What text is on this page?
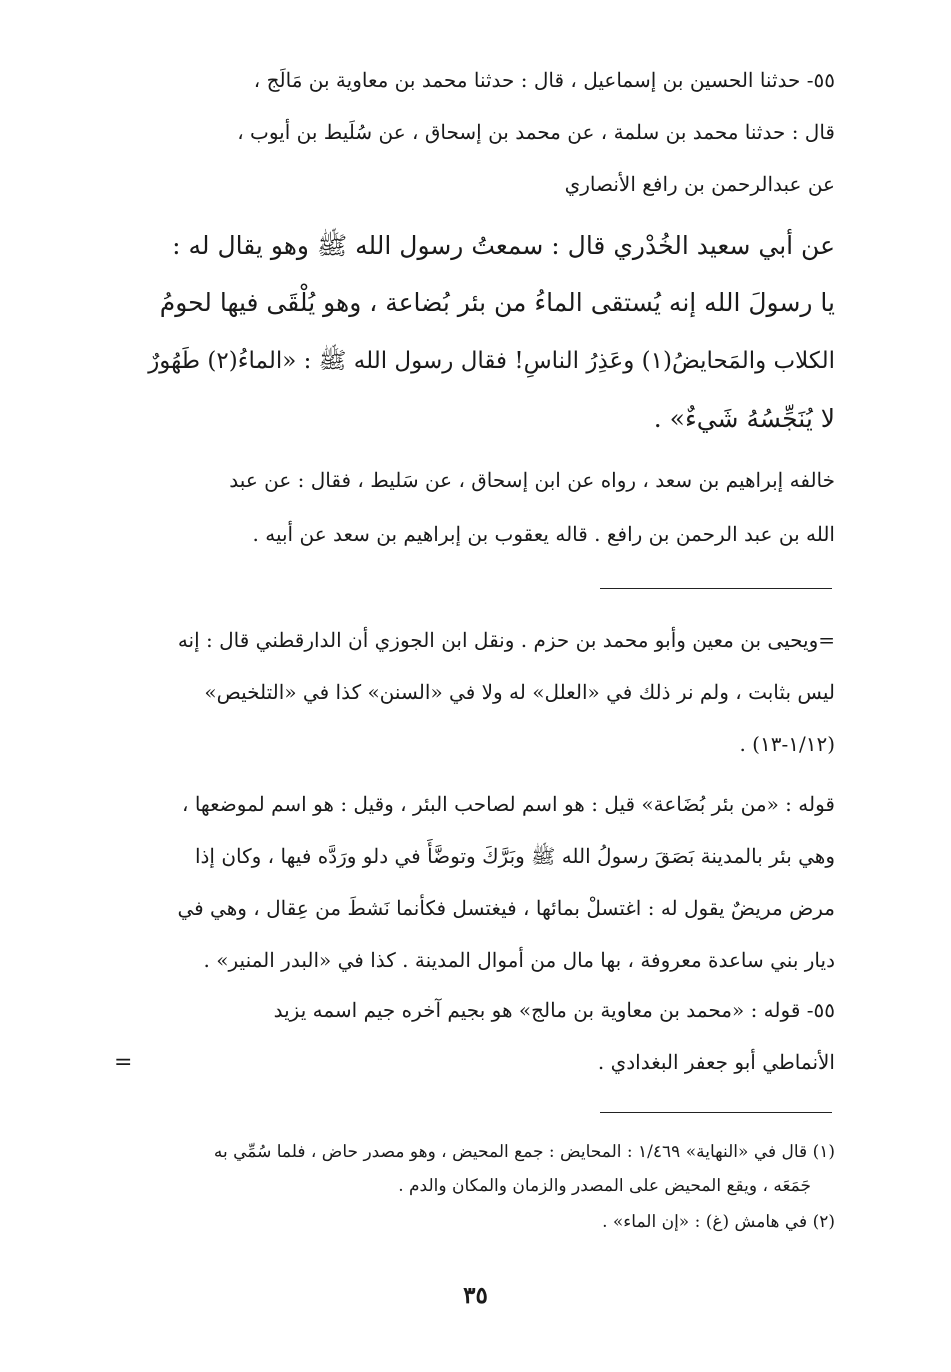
٥٥- حدثنا الحسين بن إسماعيل ، قال : حدثنا محمد بن معاوية بن مَالَج ،
قال : حدثنا محمد بن سلمة ، عن محمد بن إسحاق ، عن سُلَيط بن أيوب ،
عن عبدالرحمن بن رافع الأنصاري
عن أبي سعيد الخُدْري قال : سمعتُ رسول الله ﷺ وهو يقال له :
يا رسولَ الله إنه يُستقى الماءُ من بئر بُضاعة ، وهو يُلْقَى فيها لحومُ
الكلاب والمَحايضُ(١) وعَذِرُ الناسِ! فقال رسول الله ﷺ : «الماءُ(٢) طَهُورٌ
لا يُنَجِّسُهُ شَيءٌ» .
خالفه إبراهيم بن سعد ، رواه عن ابن إسحاق ، عن سَليط ، فقال : عن عبد
الله بن عبد الرحمن بن رافع . قاله يعقوب بن إبراهيم بن سعد عن أبيه .
=ويحيى بن معين وأبو محمد بن حزم . ونقل ابن الجوزي أن الدارقطني قال : إنه
ليس بثابت ، ولم نر ذلك في «العلل» له ولا في «السنن» كذا في «التلخيص»
(١/١٢-١٣) .
قوله : «من بئر بُضَاعة» قيل : هو اسم لصاحب البئر ، وقيل : هو اسم لموضعها ،
وهي بئر بالمدينة بَصَقَ رسولُ الله ﷺ وبَرَّكَ وتوضَّأَ في دلو ورَدَّه فيها ، وكان إذا
مرض مريضٌ يقول له : اغتسلْ بمائها ، فيغتسل فكأنما نَشطَ من عِقال ، وهي في
ديار بني ساعدة معروفة ، بها مال من أموال المدينة . كذا في «البدر المنير» .
٥٥- قوله : «محمد بن معاوية بن مالج» هو بجيم آخره جيم اسمه يزيد
الأنماطي أبو جعفر البغدادي .
=
(١) قال في «النهاية» ١/٤٦٩ : المحايض : جمع المحيض ، وهو مصدر حاض ، فلما سُمِّي به
جَمَعَه ، ويقع المحيض على المصدر والزمان والمكان والدم .
(٢) في هامش (غ) : «إن الماء» .
٣٥
